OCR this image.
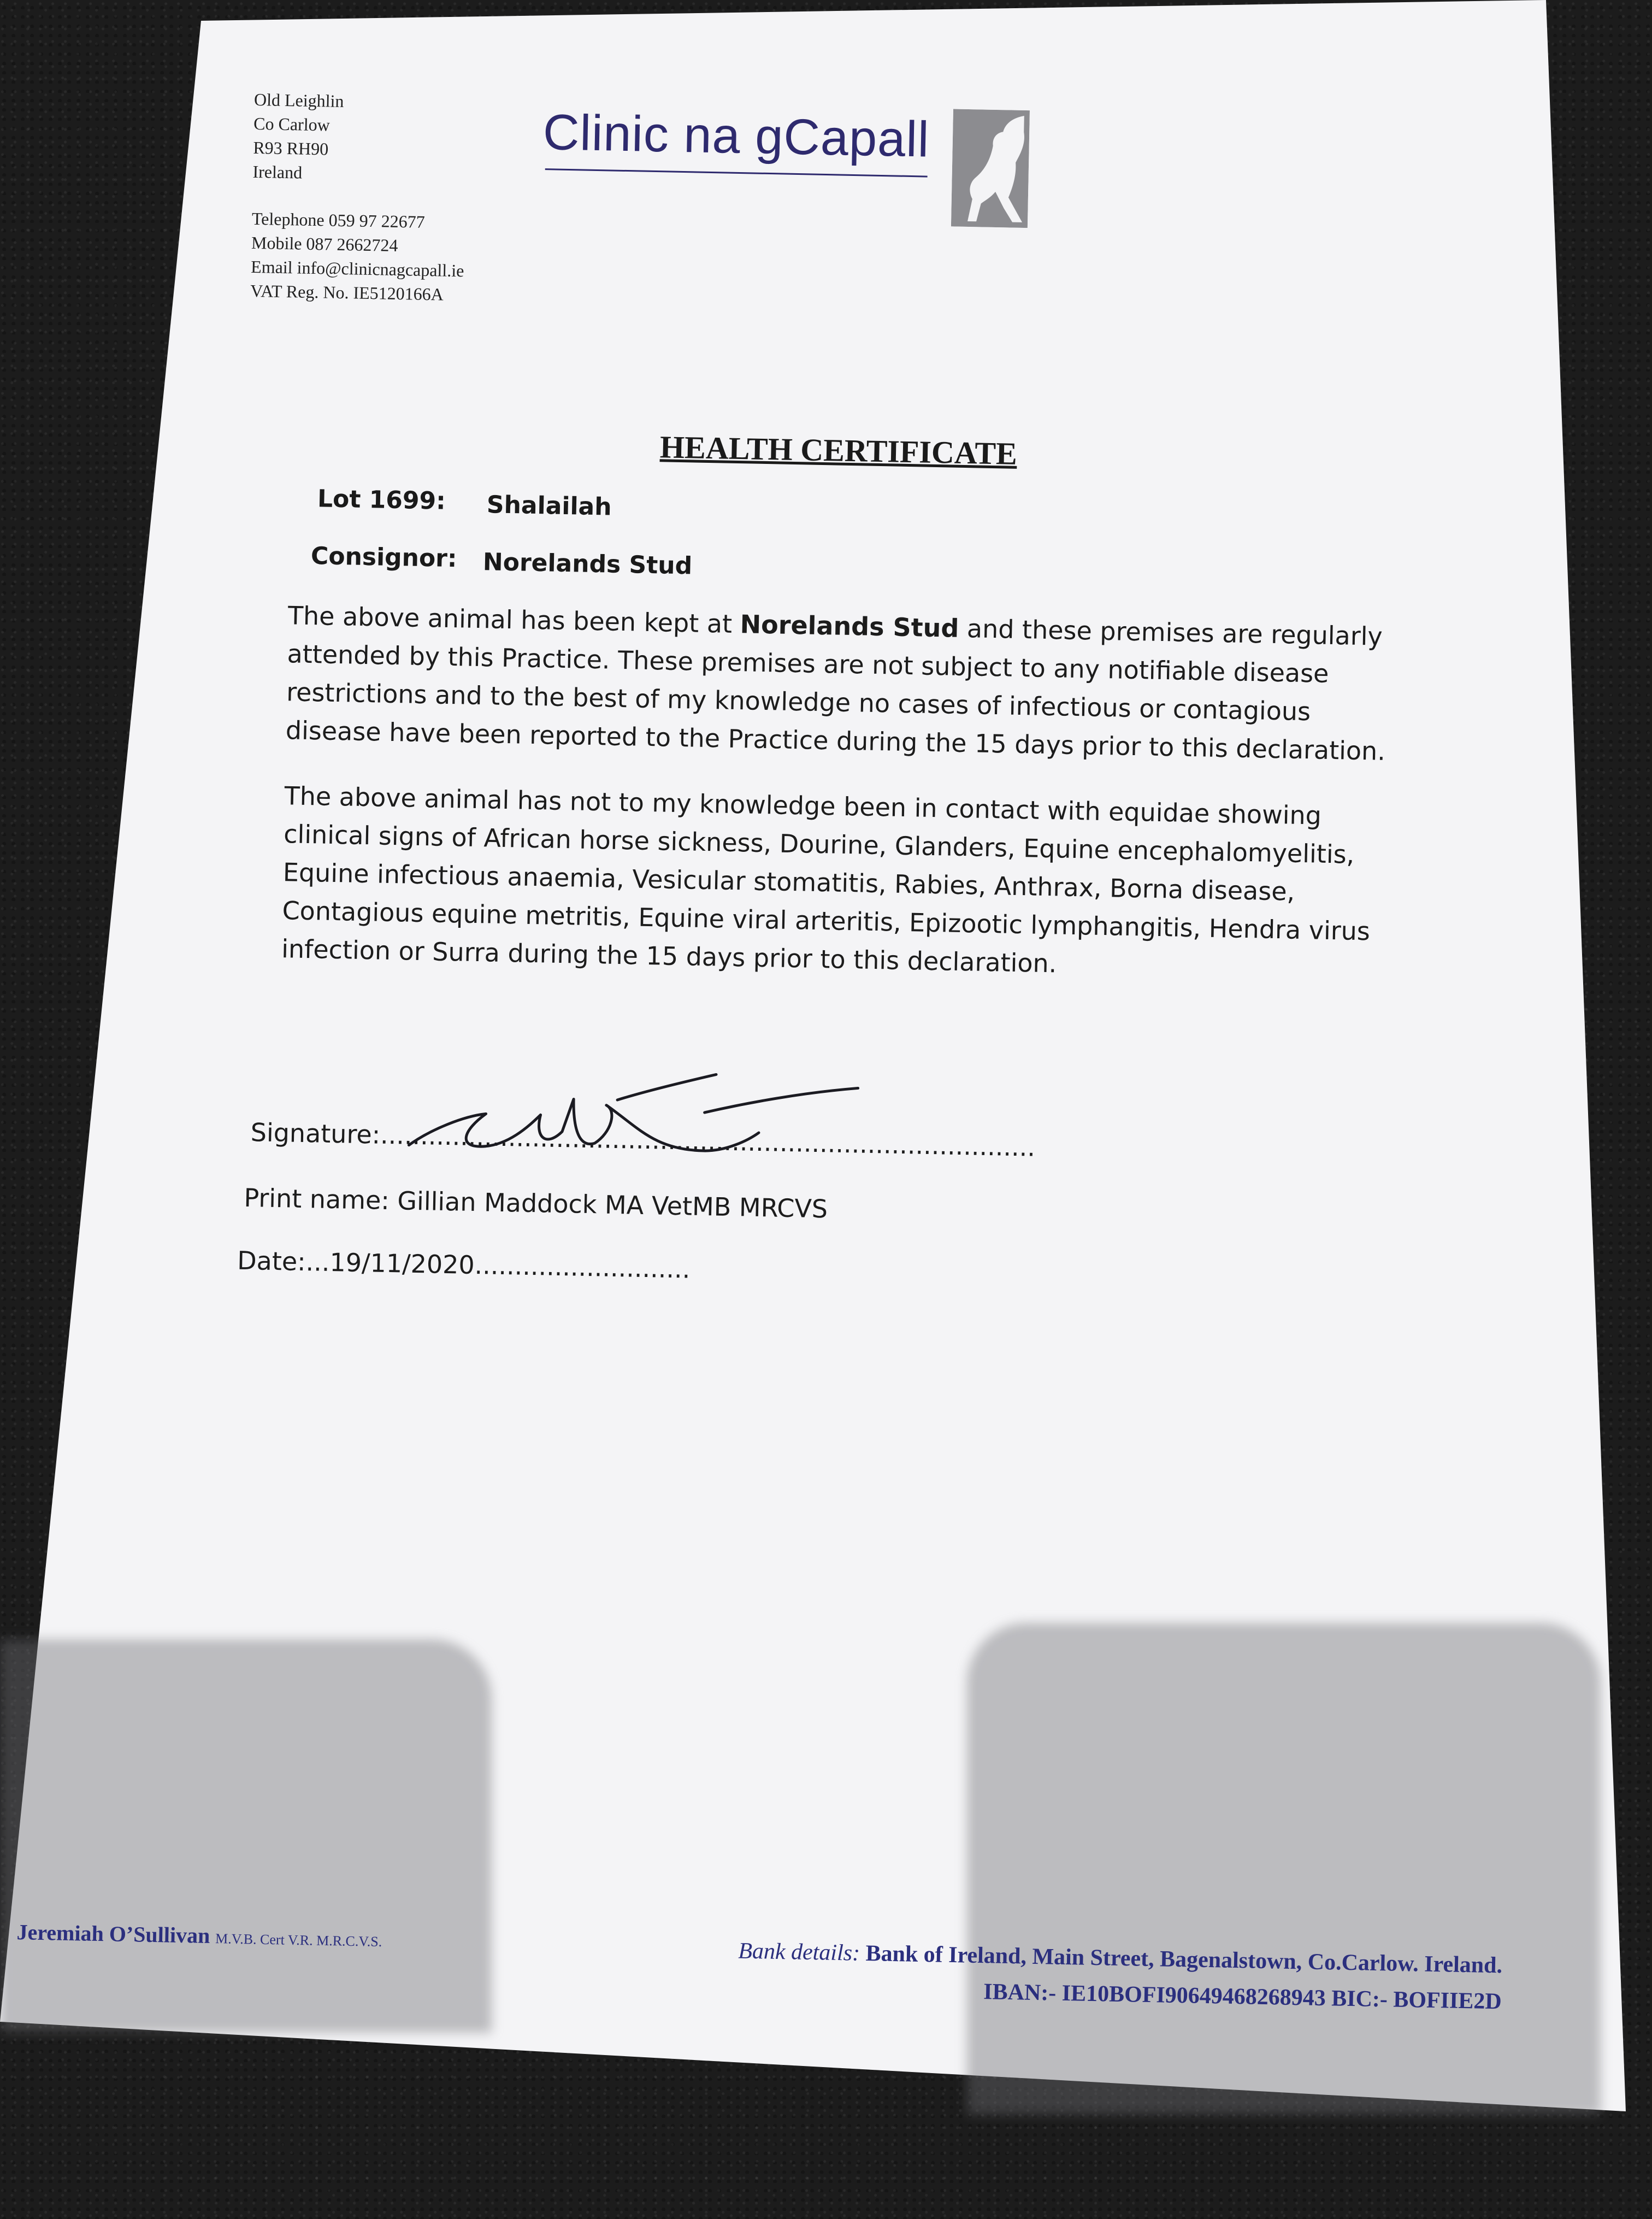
Old Leighlin
Co Carlow
R93 RH90
Ireland
Telephone 059 97 22677
Mobile 087 2662724
Email info@clinicnagcapall.ie
VAT Reg. No. IE5120166A
Clinic na gCapall
HEALTH CERTIFICATE
Lot 1699: Shalailah
Consignor: Norelands Stud

The above animal has been kept at Norelands Stud and these premises are regularly

attended by this Practice. These premises are not subject to any notifiable disease

restrictions and to the best of my knowledge no cases of infectious or contagious

disease have been reported to the Practice during the 15 days prior to this declaration.

The above animal has not to my knowledge been in contact with equidae showing

clinical signs of African horse sickness, Dourine, Glanders, Equine encephalomyelitis,

Equine infectious anaemia, Vesicular stomatitis, Rabies, Anthrax, Borna disease,

Contagious equine metritis, Equine viral arteritis, Epizootic lymphangitis, Hendra virus

infection or Surra during the 15 days prior to this declaration.

Signature:..................................................................................
Print name: Gillian Maddock MA VetMB MRCVS
Date:...19/11/2020...........................
Jeremiah O’Sullivan M.V.B. Cert V.R. M.R.C.V.S.	Bank details: Bank of Ireland, Main Street, Bagenalstown, Co.Carlow. Ireland.
IBAN:- IE10BOFI90649468268943 BIC:- BOFIIE2D
